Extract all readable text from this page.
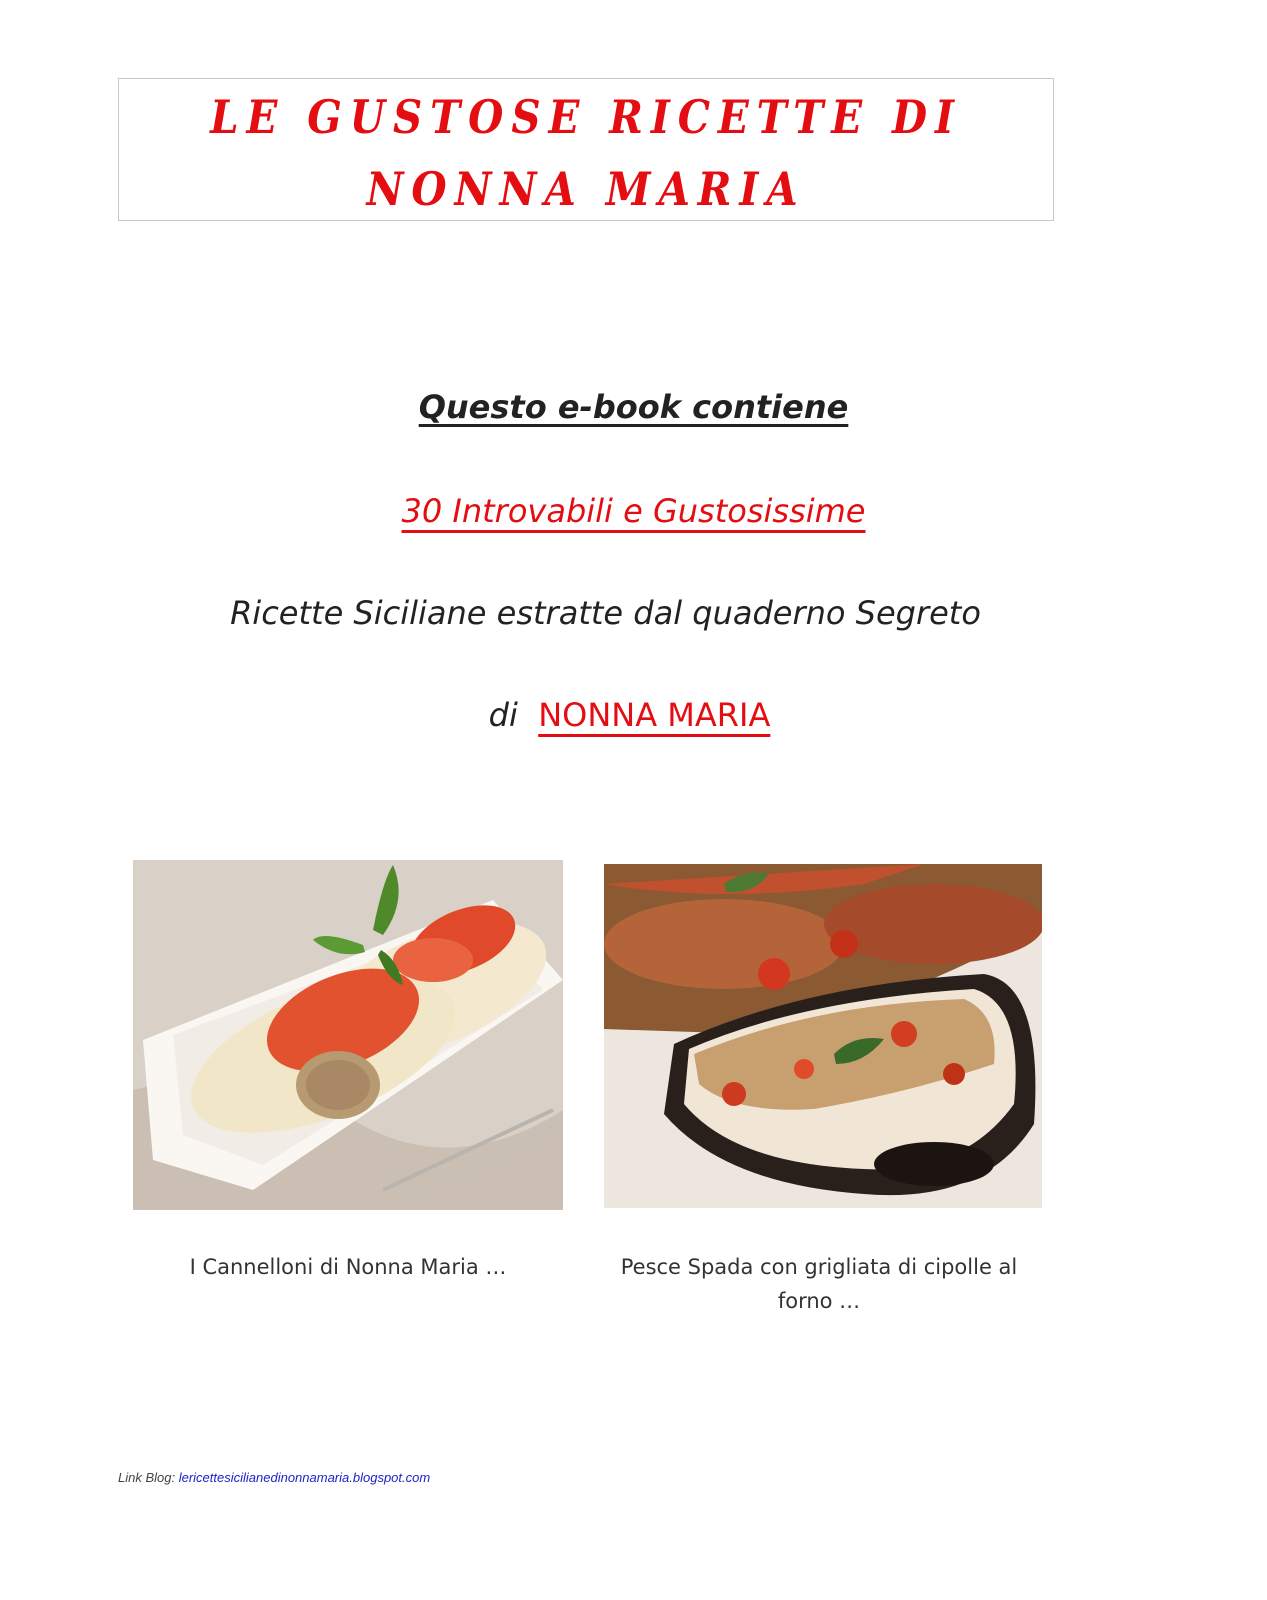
LE GUSTOSE RICETTE DI
NONNA MARIA
Questo e-book contiene
30 Introvabili e Gustosissime
Ricette Siciliane estratte dal quaderno Segreto
di NONNA MARIA
I Cannelloni di Nonna Maria …	Pesce Spada con grigliata di cipolle al forno …
Link Blog: lericettesicilianedinonnamaria.blogspot.com
